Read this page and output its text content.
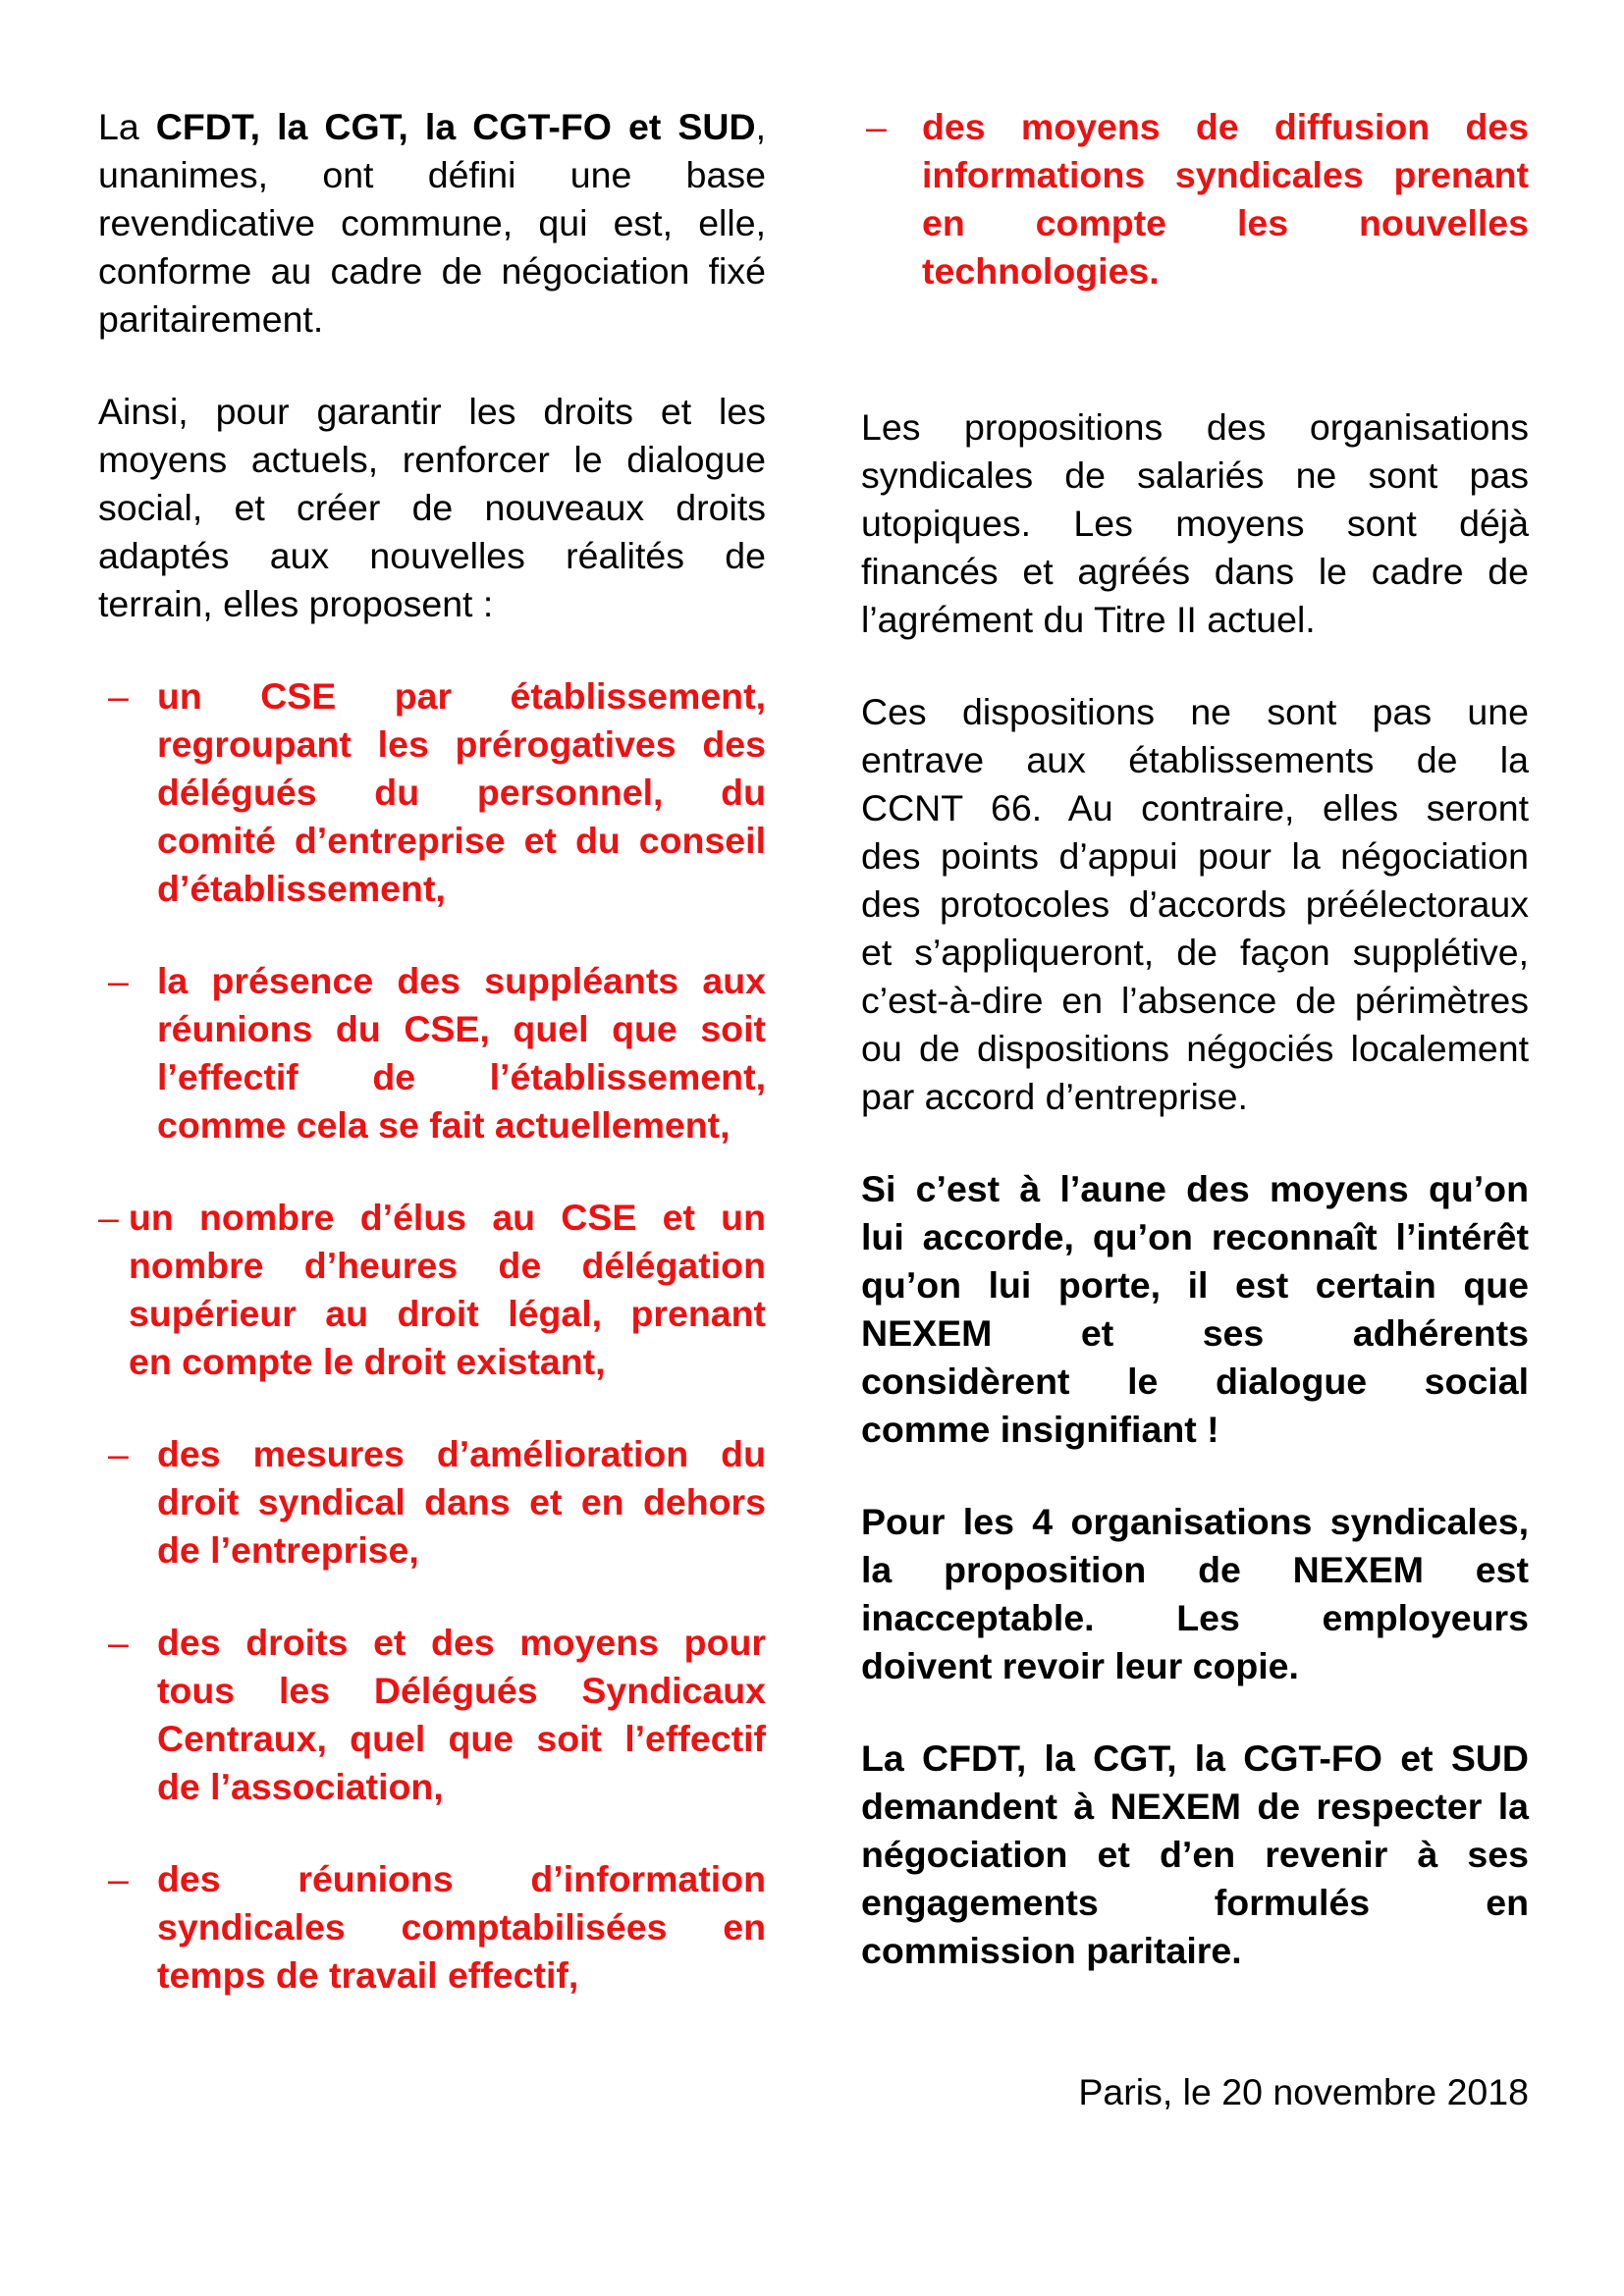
La CFDT, la CGT, la CGT-FO et SUD,
unanimes, ont défini une base
revendicative commune, qui est, elle,
conforme au cadre de négociation fixé
paritairement.
Ainsi, pour garantir les droits et les
moyens actuels, renforcer le dialogue
social, et créer de nouveaux droits
adaptés aux nouvelles réalités de
terrain, elles proposent :
– un CSE par établissement,
regroupant les prérogatives des
délégués du personnel, du
comité d’entreprise et du conseil
d’établissement,
– la présence des suppléants aux
réunions du CSE, quel que soit
l’effectif de l’établissement,
comme cela se fait actuellement,
– un nombre d’élus au CSE et un
nombre d’heures de délégation
supérieur au droit légal, prenant
en compte le droit existant,
– des mesures d’amélioration du
droit syndical dans et en dehors
de l’entreprise,
– des droits et des moyens pour
tous les Délégués Syndicaux
Centraux, quel que soit l’effectif
de l’association,
– des réunions d’information
syndicales comptabilisées en
temps de travail effectif,
– des moyens de diffusion des
informations syndicales prenant
en compte les nouvelles
technologies.
Les propositions des organisations
syndicales de salariés ne sont pas
utopiques. Les moyens sont déjà
financés et agréés dans le cadre de
l’agrément du Titre II actuel.
Ces dispositions ne sont pas une
entrave aux établissements de la
CCNT 66. Au contraire, elles seront
des points d’appui pour la négociation
des protocoles d’accords préélectoraux
et s’appliqueront, de façon supplétive,
c’est-à-dire en l’absence de périmètres
ou de dispositions négociés localement
par accord d’entreprise.
Si c’est à l’aune des moyens qu’on
lui accorde, qu’on reconnaît l’intérêt
qu’on lui porte, il est certain que
NEXEM et ses adhérents
considèrent le dialogue social
comme insignifiant !
Pour les 4 organisations syndicales,
la proposition de NEXEM est
inacceptable. Les employeurs
doivent revoir leur copie.
La CFDT, la CGT, la CGT-FO et SUD
demandent à NEXEM de respecter la
négociation et d’en revenir à ses
engagements formulés en
commission paritaire.
Paris, le 20 novembre 2018
